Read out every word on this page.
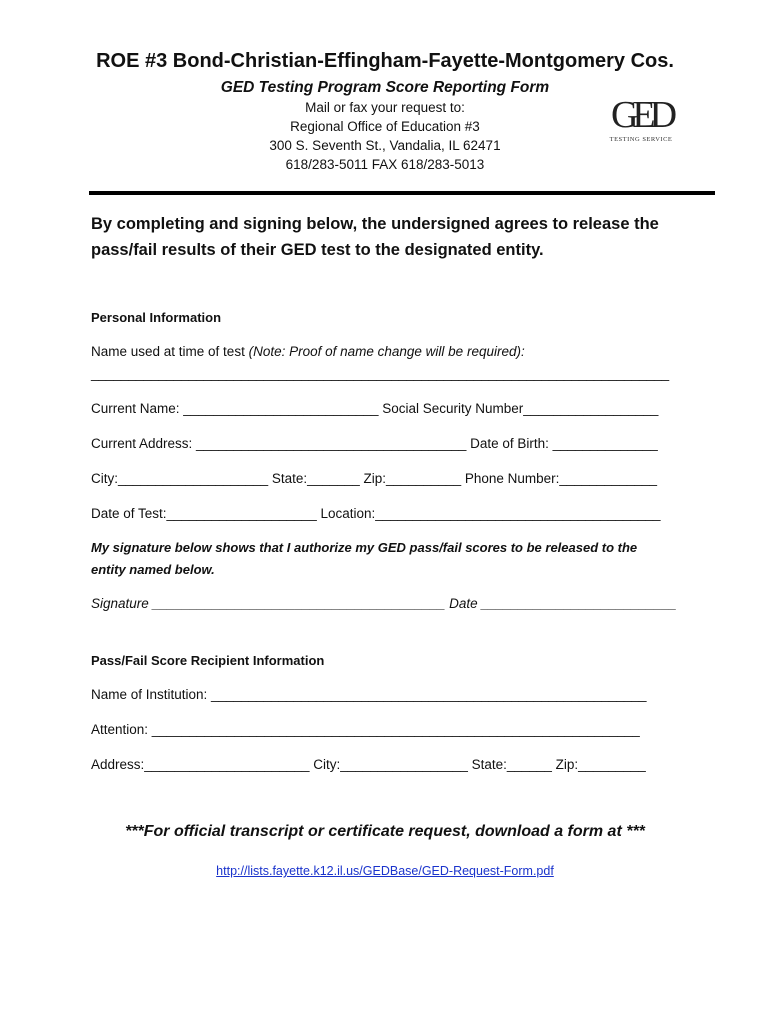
ROE #3 Bond-Christian-Effingham-Fayette-Montgomery Cos.
GED Testing Program Score Reporting Form
Mail or fax your request to:
Regional Office of Education #3
300 S. Seventh St., Vandalia, IL 62471
618/283-5011 FAX 618/283-5013
GED
TESTING SERVICE
By completing and signing below, the undersigned agrees to release the
pass/fail results of their GED test to the designated entity.
Personal Information
Name used at time of test (Note: Proof of name change will be required):
_____________________________________________________________________________
Current Name: __________________________ Social Security Number__________________
Current Address: ____________________________________ Date of Birth: ______________
City:____________________ State:_______ Zip:__________ Phone Number:_____________
Date of Test:____________________ Location:______________________________________
My signature below shows that I authorize my GED pass/fail scores to be released to the
entity named below.
Signature _______________________________________ Date __________________________
Pass/Fail Score Recipient Information
Name of Institution: __________________________________________________________
Attention: _________________________________________________________________
Address:______________________ City:_________________ State:______ Zip:_________
***For official transcript or certificate request, download a form at ***
http://lists.fayette.k12.il.us/GEDBase/GED-Request-Form.pdf
